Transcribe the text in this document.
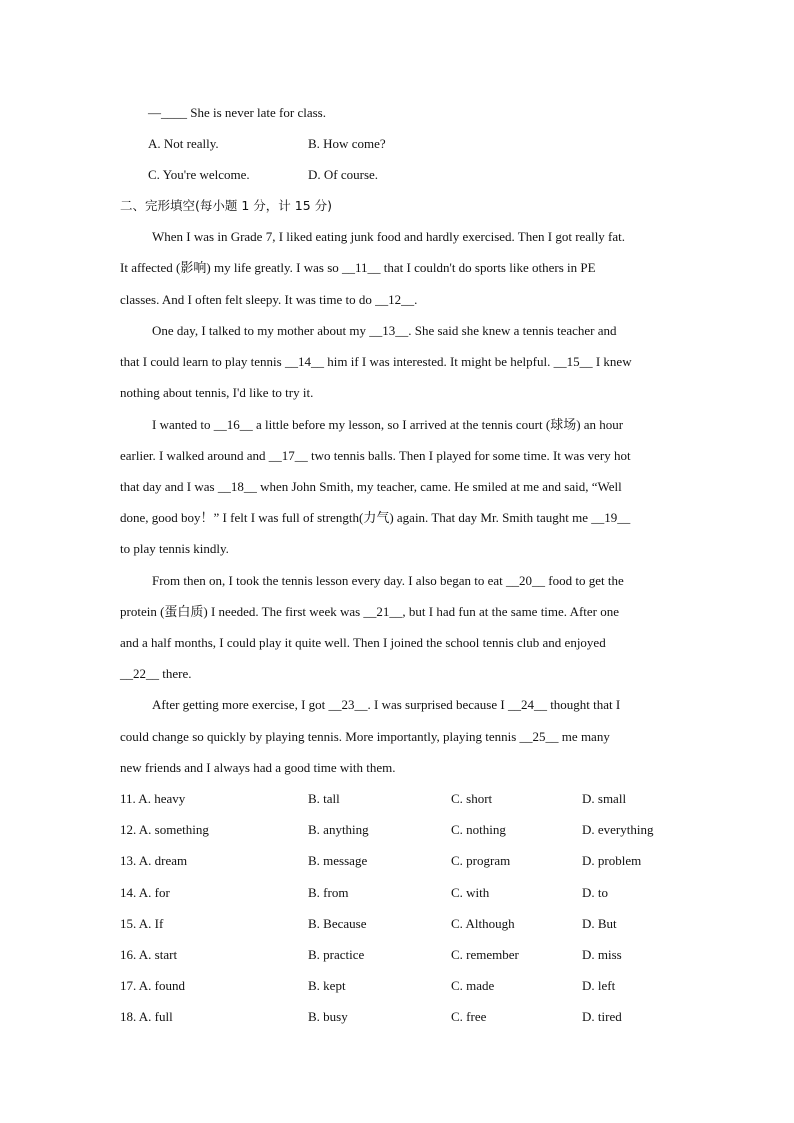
—____ She is never late for class.
A. Not really.	B. How come?
C. You're welcome.	D. Of course.
二、完形填空(每小题 1 分，计 15 分)
When I was in Grade 7, I liked eating junk food and hardly exercised. Then I got really fat.
It affected (影响) my life greatly. I was so __11__ that I couldn't do sports like others in PE
classes. And I often felt sleepy. It was time to do __12__.
One day, I talked to my mother about my __13__. She said she knew a tennis teacher and
that I could learn to play tennis __14__ him if I was interested. It might be helpful. __15__ I knew
nothing about tennis, I'd like to try it.
I wanted to __16__ a little before my lesson, so I arrived at the tennis court (球场) an hour
earlier. I walked around and __17__ two tennis balls. Then I played for some time. It was very hot
that day and I was __18__ when John Smith, my teacher, came. He smiled at me and said, “Well
done, good boy！” I felt I was full of strength(力气) again. That day Mr. Smith taught me __19__
to play tennis kindly.
From then on, I took the tennis lesson every day. I also began to eat __20__ food to get the
protein (蛋白质) I needed. The first week was __21__, but I had fun at the same time. After one
and a half months, I could play it quite well. Then I joined the school tennis club and enjoyed
__22__ there.
After getting more exercise, I got __23__. I was surprised because I __24__ thought that I
could change so quickly by playing tennis. More importantly, playing tennis __25__ me many
new friends and I always had a good time with them.
11. A. heavy	B. tall	C. short	D. small
12. A. something	B. anything	C. nothing	D. everything
13. A. dream	B. message	C. program	D. problem
14. A. for	B. from	C. with	D. to
15. A. If	B. Because	C. Although	D. But
16. A. start	B. practice	C. remember	D. miss
17. A. found	B. kept	C. made	D. left
18. A. full	B. busy	C. free	D. tired
